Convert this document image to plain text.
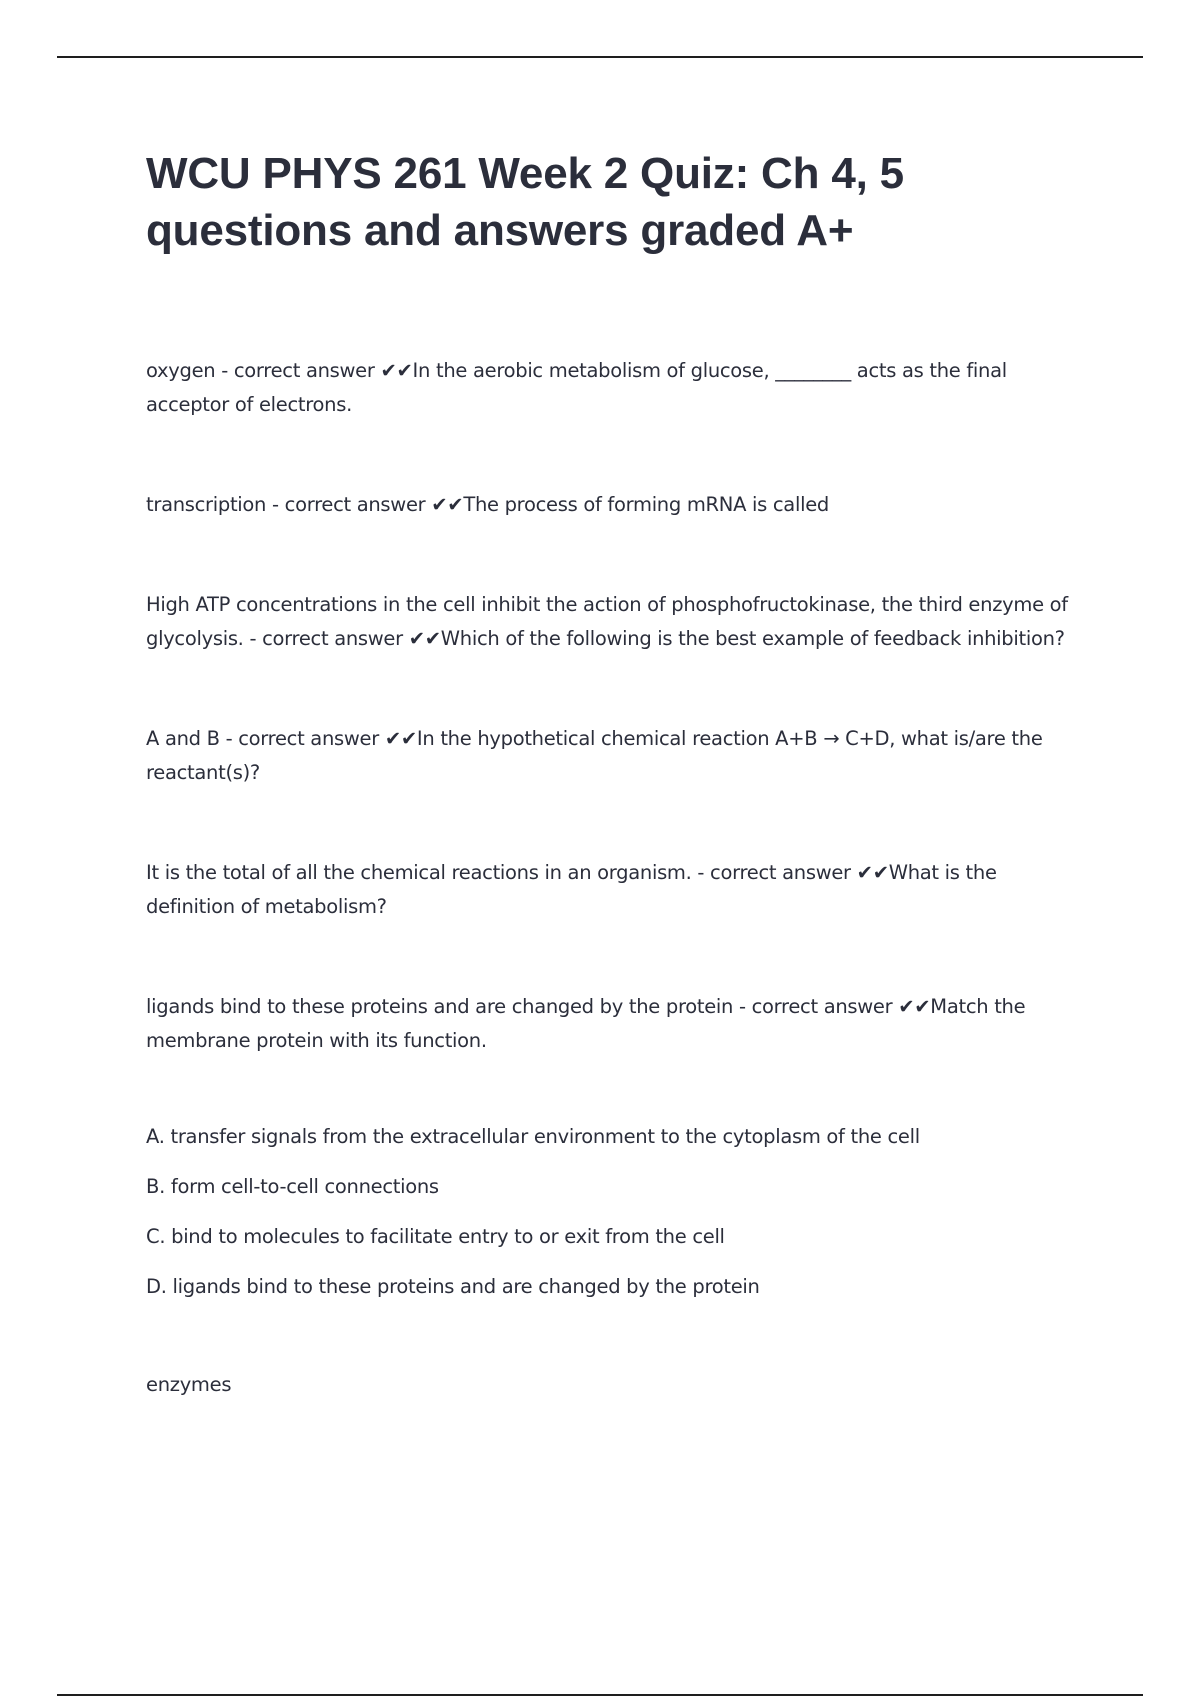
WCU PHYS 261 Week 2 Quiz: Ch 4, 5 questions and answers graded A+

oxygen - correct answer ✔✔In the aerobic metabolism of glucose, ________ acts as the final acceptor of electrons.

transcription - correct answer ✔✔The process of forming mRNA is called

High ATP concentrations in the cell inhibit the action of phosphofructokinase, the third enzyme of glycolysis. - correct answer ✔✔Which of the following is the best example of feedback inhibition?

A and B - correct answer ✔✔In the hypothetical chemical reaction A+B → C+D, what is/are the reactant(s)?

It is the total of all the chemical reactions in an organism. - correct answer ✔✔What is the definition of metabolism?

ligands bind to these proteins and are changed by the protein - correct answer ✔✔Match the membrane protein with its function.

A. transfer signals from the extracellular environment to the cytoplasm of the cell

B. form cell-to-cell connections

C. bind to molecules to facilitate entry to or exit from the cell

D. ligands bind to these proteins and are changed by the protein

enzymes
